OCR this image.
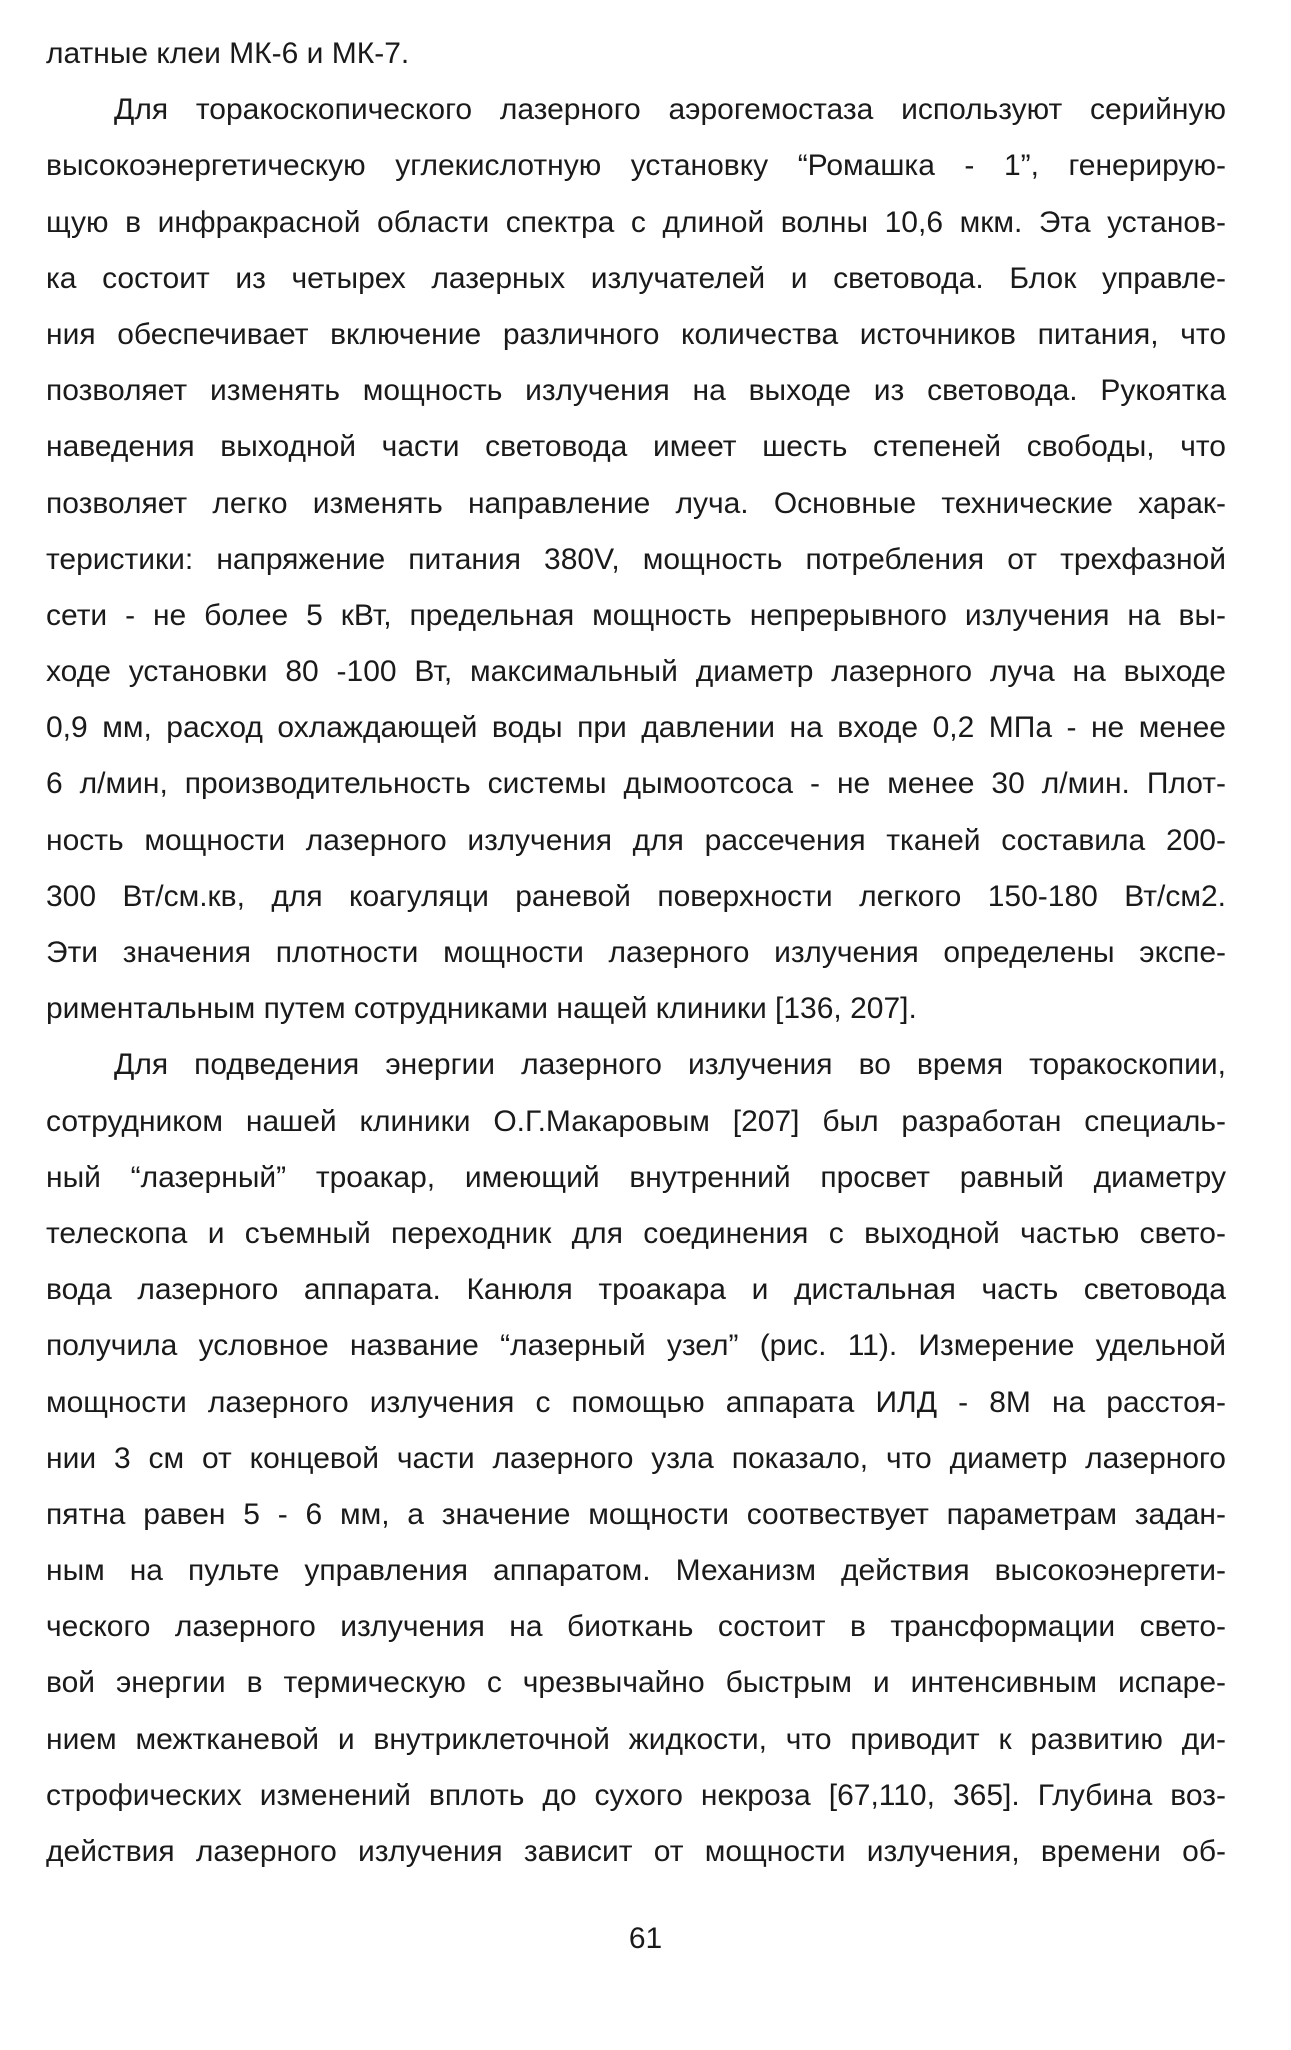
латные клеи МК-6 и МК-7.
Для торакоскопического лазерного аэрогемостаза используют серийную
высокоэнергетическую углекислотную установку “Ромашка - 1”, генерирую-
щую в инфракрасной области спектра с длиной волны 10,6 мкм. Эта установ-
ка состоит из четырех лазерных излучателей и световода. Блок управле-
ния обеспечивает включение различного количества источников питания, что
позволяет изменять мощность излучения на выходе из световода. Рукоятка
наведения выходной части световода имеет шесть степеней свободы, что
позволяет легко изменять направление луча. Основные технические харак-
теристики: напряжение питания 380V, мощность потребления от трехфазной
сети - не более 5 кВт, предельная мощность непрерывного излучения на вы-
ходе установки 80 -100 Вт, максимальный диаметр лазерного луча на выходе
0,9 мм, расход охлаждающей воды при давлении на входе 0,2 МПа - не менее
6 л/мин, производительность системы дымоотсоса - не менее 30 л/мин. Плот-
ность мощности лазерного излучения для рассечения тканей составила 200-
300 Вт/см.кв, для коагуляци раневой поверхности легкого 150-180 Вт/см2.
Эти значения плотности мощности лазерного излучения определены экспе-
риментальным путем сотрудниками нащей клиники [136, 207].
Для подведения энергии лазерного излучения во время торакоскопии,
сотрудником нашей клиники О.Г.Макаровым [207] был разработан специаль-
ный “лазерный” троакар, имеющий внутренний просвет равный диаметру
телескопа и съемный переходник для соединения с выходной частью свето-
вода лазерного аппарата. Канюля троакара и дистальная часть световода
получила условное название “лазерный узел” (рис. 11). Измерение удельной
мощности лазерного излучения с помощью аппарата ИЛД - 8М на расстоя-
нии 3 см от концевой части лазерного узла показало, что диаметр лазерного
пятна равен 5 - 6 мм, а значение мощности соотвествует параметрам задан-
ным на пульте управления аппаратом. Механизм действия высокоэнергети-
ческого лазерного излучения на биоткань состоит в трансформации свето-
вой энергии в термическую с чрезвычайно быстрым и интенсивным испаре-
нием межтканевой и внутриклеточной жидкости, что приводит к развитию ди-
строфических изменений вплоть до сухого некроза [67,110, 365]. Глубина воз-
действия лазерного излучения зависит от мощности излучения, времени об-
61
